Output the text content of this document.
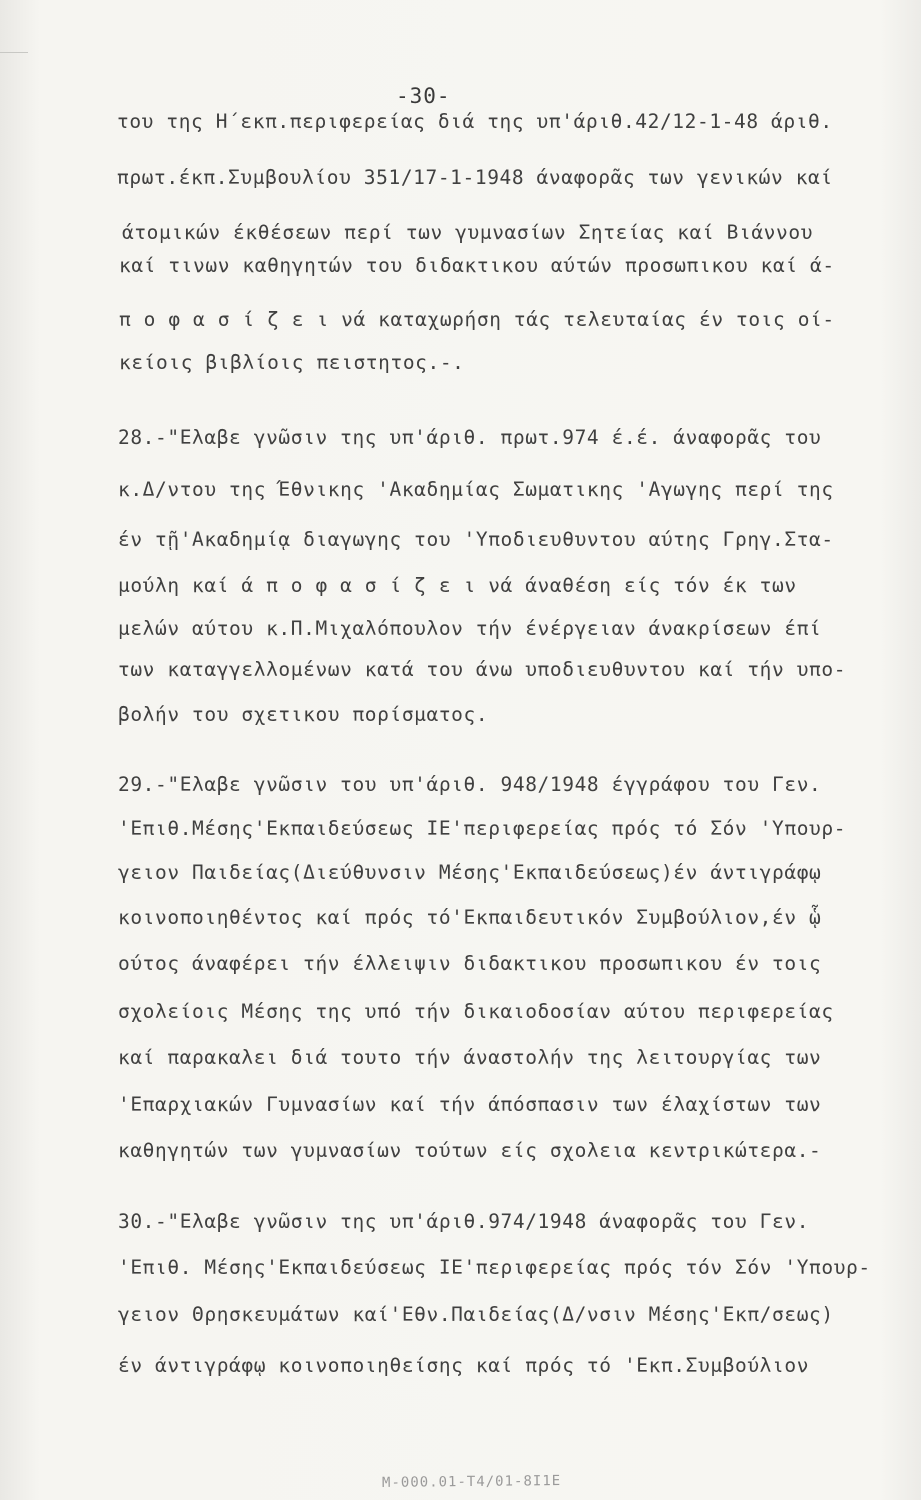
-30-
του της Η΄εκπ.περιφερείας διά της υπ'άριθ.42/12-1-48 άριθ.
πρωτ.έκπ.Συμβουλίου 351/17-1-1948 άναφορᾶς των γενικών καί
άτομικών έκθέσεων περί των γυμνασίων Σητείας καί Βιάννου
καί τινων καθηγητών του διδακτικου αύτών προσωπικου καί ά-
π ο φ α σ ί ζ ε ι νά καταχωρήση τάς τελευταίας έν τοις οί-
κείοις βιβλίοις πειστητος.-.
28.-"Ελαβε γνῶσιν της υπ'άριθ. πρωτ.974 έ.έ. άναφορᾶς του
κ.Δ/ντου της Έθνικης 'Ακαδημίας Σωματικης 'Αγωγης περί της
έν τῇ'Ακαδημίᾳ διαγωγης του 'Υποδιευθυντου αύτης Γρηγ.Στα-
μούλη καί ά π ο φ α σ ί ζ ε ι νά άναθέση είς τόν έκ των
μελών αύτου κ.Π.Μιχαλόπουλον τήν ένέργειαν άνακρίσεων έπί
των καταγγελλομένων κατά του άνω υποδιευθυντου καί τήν υπο-
βολήν του σχετικου πορίσματος.
29.-"Ελαβε γνῶσιν του υπ'άριθ. 948/1948 έγγράφου του Γεν.
'Επιθ.Μέσης'Εκπαιδεύσεως ΙΕ'περιφερείας πρός τό Σόν 'Υπουρ-
γειον Παιδείας(Διεύθυνσιν Μέσης'Εκπαιδεύσεως)έν άντιγράφῳ
κοινοποιηθέντος καί πρός τό'Εκπαιδευτικόν Συμβούλιον,έν ᾧ
ούτος άναφέρει τήν έλλειψιν διδακτικου προσωπικου έν τοις
σχολείοις Μέσης της υπό τήν δικαιοδοσίαν αύτου περιφερείας
καί παρακαλει διά τουτο τήν άναστολήν της λειτουργίας των
'Επαρχιακών Γυμνασίων καί τήν άπόσπασιν των έλαχίστων των
καθηγητών των γυμνασίων τούτων είς σχολεια κεντρικώτερα.-
30.-"Ελαβε γνῶσιν της υπ'άριθ.974/1948 άναφορᾶς του Γεν.
'Επιθ. Μέσης'Εκπαιδεύσεως ΙΕ'περιφερείας πρός τόν Σόν 'Υπουρ-
γειον Θρησκευμάτων καί'Εθν.Παιδείας(Δ/νσιν Μέσης'Εκπ/σεως)
έν άντιγράφῳ κοινοποιηθείσης καί πρός τό 'Εκπ.Συμβούλιον
Μ-000.01-Τ4/01-8Ι1Ε
